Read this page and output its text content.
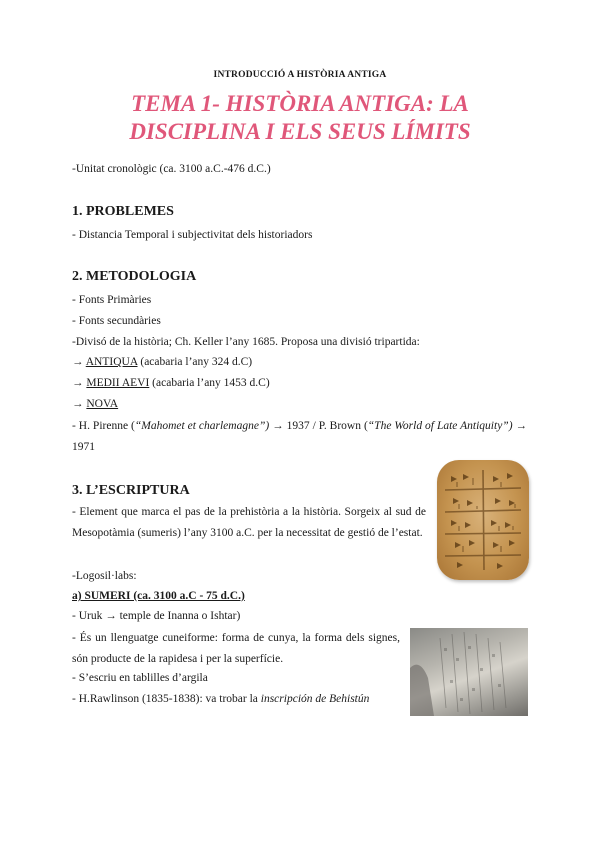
INTRODUCCIÓ A HISTÒRIA ANTIGA
TEMA 1- HISTÒRIA ANTIGA: LA
DISCIPLINA I ELS SEUS LÍMITS
-Unitat cronològic (ca. 3100 a.C.-476 d.C.)
1. PROBLEMES
- Distancia Temporal i subjectivitat dels historiadors
2. METODOLOGIA
- Fonts Primàries
- Fonts secundàries
-Divisó de la història; Ch. Keller l’any 1685. Proposa una divisió tripartida:
→ ANTIQUA (acabaria l’any 324 d.C)
→ MEDII AEVI (acabaria l’any 1453 d.C)
→ NOVA
- H. Pirenne (“Mahomet et charlemagne”) → 1937 / P. Brown (“The World of Late Antiquity”) → 1971
3. L’ESCRIPTURA
- Element que marca el pas de la prehistòria a la història. Sorgeix al sud de Mesopotàmia (sumeris) l’any 3100 a.C. per la necessitat de gestió de l’estat.
-Logosil·labs:
a) SUMERI (ca. 3100 a.C - 75 d.C.)
- Uruk → temple de Inanna o Ishtar)
- És un llenguatge cuneiforme: forma de cunya, la forma dels signes, són producte de la rapidesa i per la superfície.
- S’escriu en tablilles d’argila
- H.Rawlinson (1835-1838): va trobar la inscripción de Behistún
